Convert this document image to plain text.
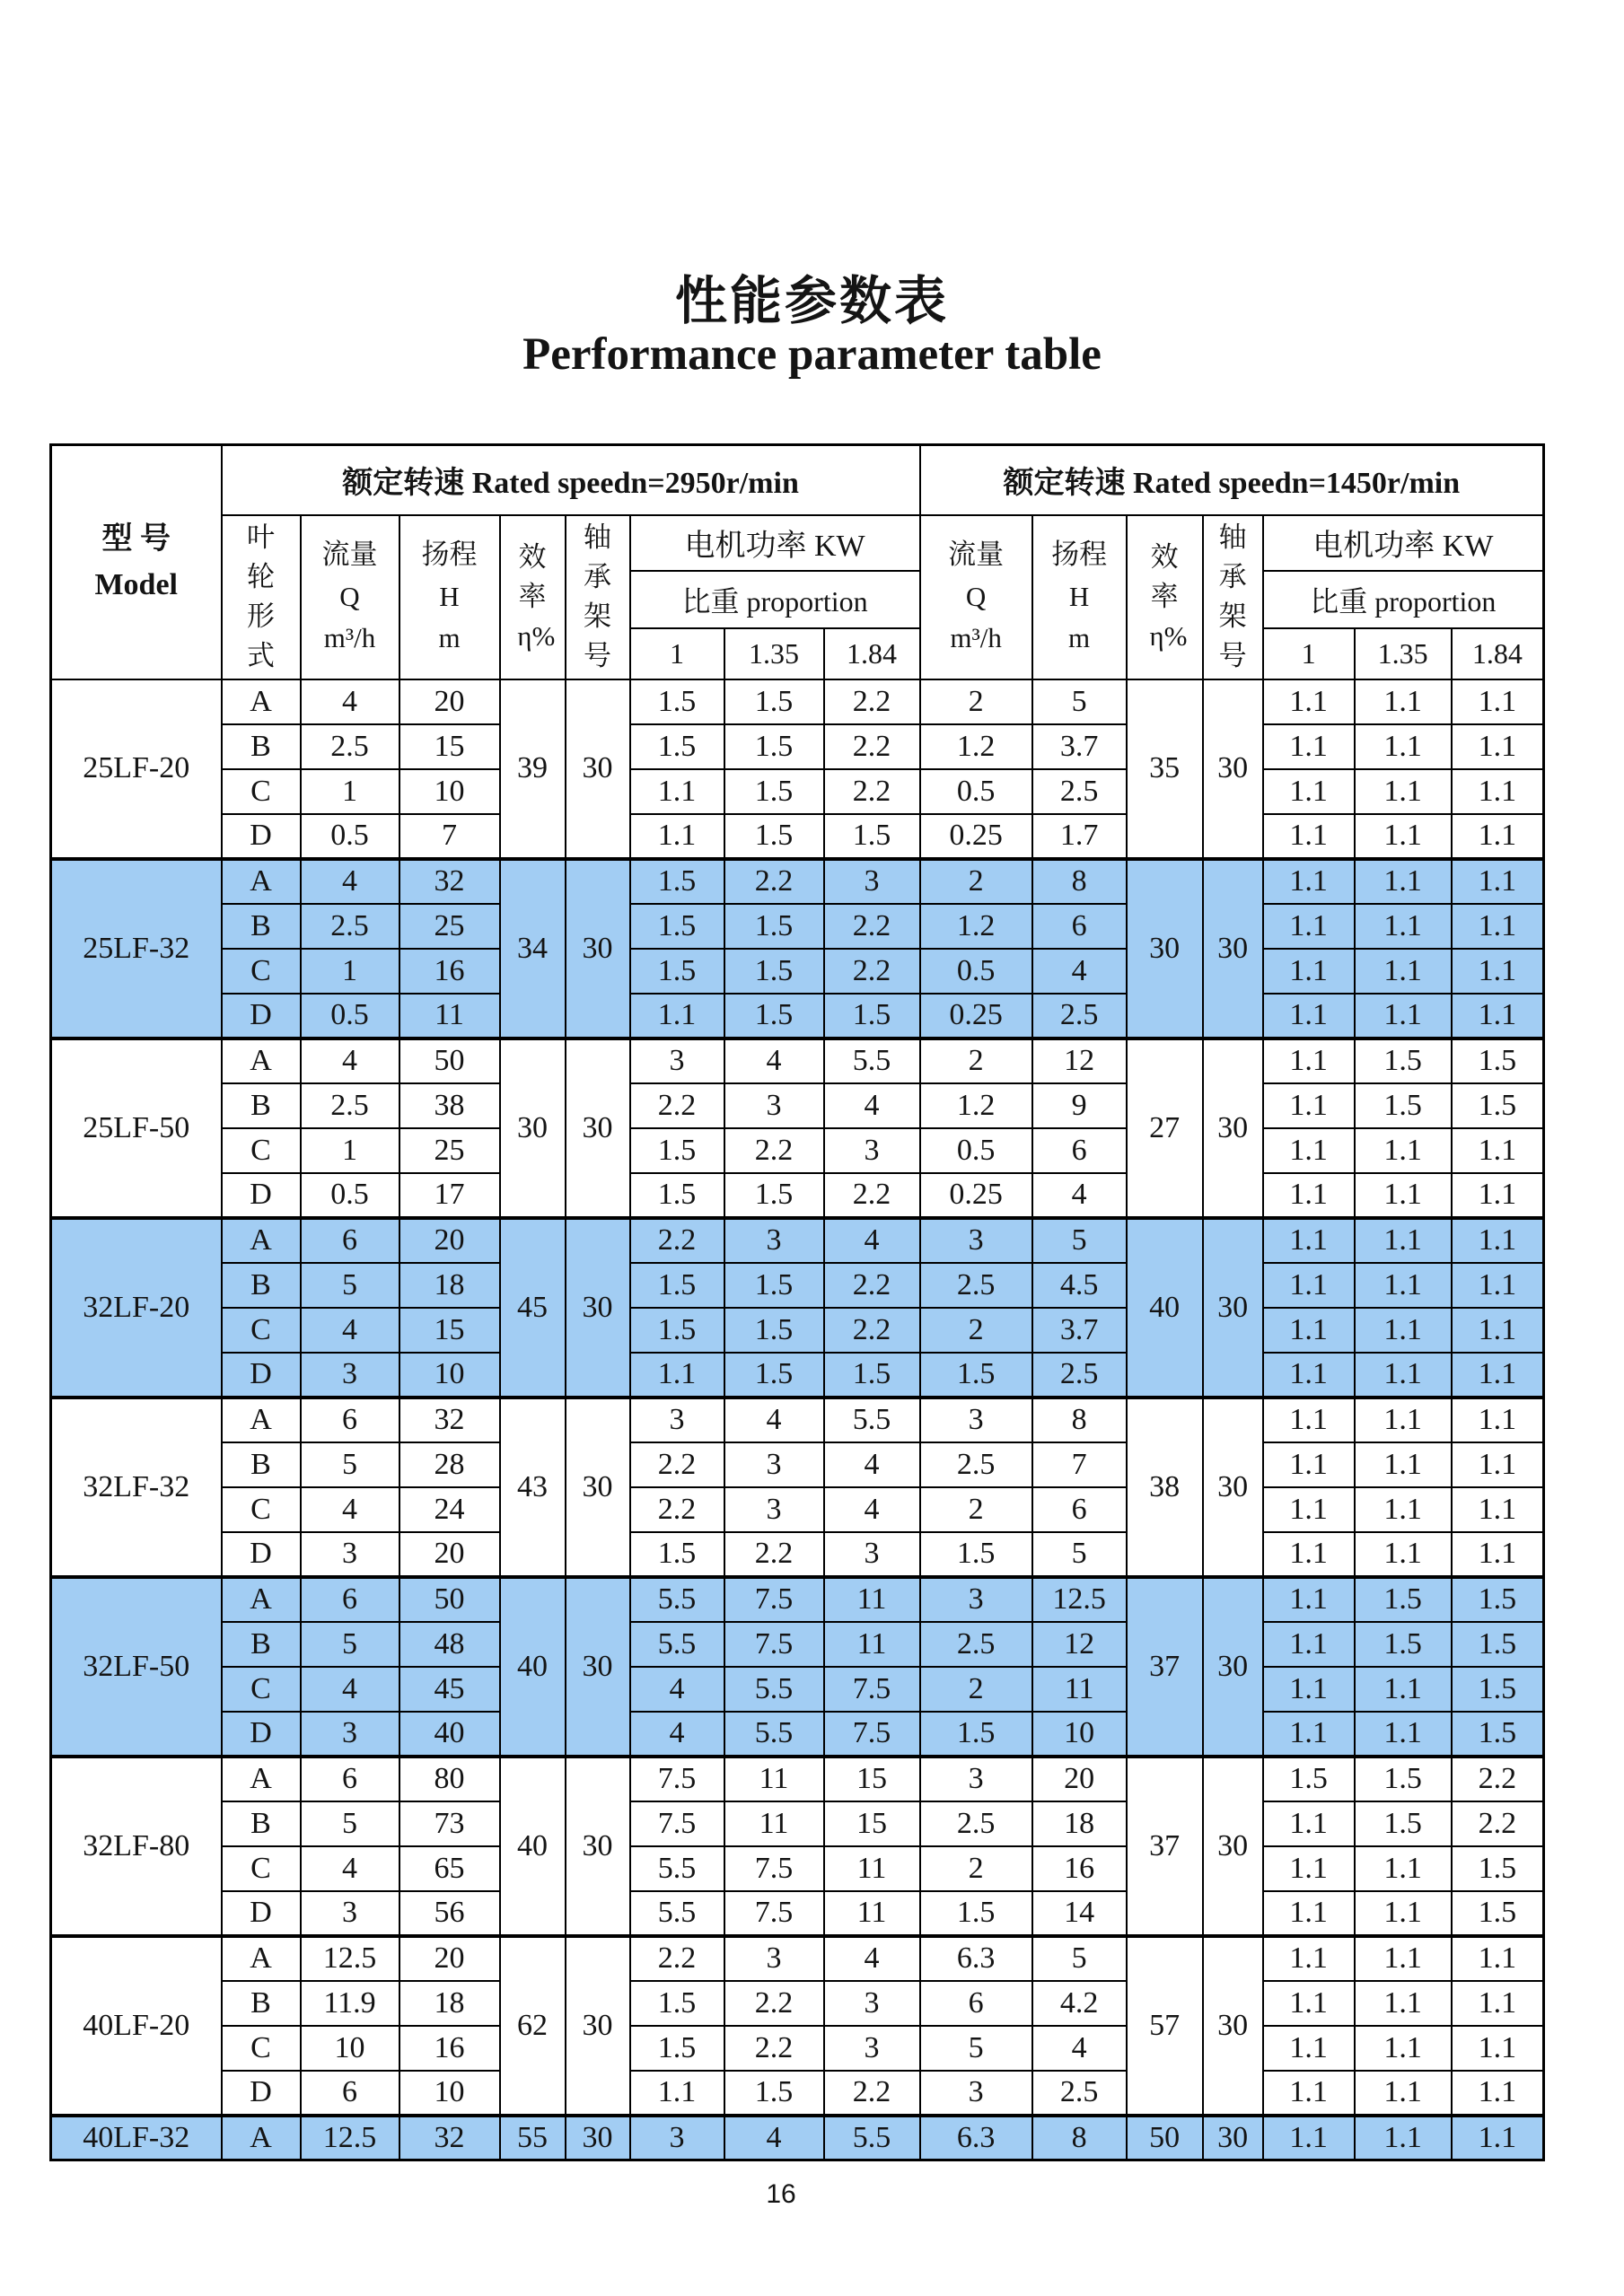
性能参数表
Performance parameter table
型 号
Model	额定转速 Rated speedn=2950r/min								额定转速 Rated speedn=1450r/min						

	叶轮形式	流量
Q
m³/h	扬程
H
m	效率η%	轴承架号	电机功率 KW			流量
Q
m³/h	扬程
H
m	效率η%	轴承架号	电机功率 KW		
						比重 proportion							比重 proportion		
						1	1.35	1.84					1	1.35	1.84
25LF-20	A	4	20	39	30	1.5	1.5	2.2	2	5	35	30	1.1	1.1	1.1
	B	2.5	15			1.5	1.5	2.2	1.2	3.7			1.1	1.1	1.1
	C	1	10			1.1	1.5	2.2	0.5	2.5			1.1	1.1	1.1
	D	0.5	7			1.1	1.5	1.5	0.25	1.7			1.1	1.1	1.1
25LF-32	A	4	32	34	30	1.5	2.2	3	2	8	30	30	1.1	1.1	1.1
	B	2.5	25			1.5	1.5	2.2	1.2	6			1.1	1.1	1.1
	C	1	16			1.5	1.5	2.2	0.5	4			1.1	1.1	1.1
	D	0.5	11			1.1	1.5	1.5	0.25	2.5			1.1	1.1	1.1
25LF-50	A	4	50	30	30	3	4	5.5	2	12	27	30	1.1	1.5	1.5
	B	2.5	38			2.2	3	4	1.2	9			1.1	1.5	1.5
	C	1	25			1.5	2.2	3	0.5	6			1.1	1.1	1.1
	D	0.5	17			1.5	1.5	2.2	0.25	4			1.1	1.1	1.1
32LF-20	A	6	20	45	30	2.2	3	4	3	5	40	30	1.1	1.1	1.1
	B	5	18			1.5	1.5	2.2	2.5	4.5			1.1	1.1	1.1
	C	4	15			1.5	1.5	2.2	2	3.7			1.1	1.1	1.1
	D	3	10			1.1	1.5	1.5	1.5	2.5			1.1	1.1	1.1
32LF-32	A	6	32	43	30	3	4	5.5	3	8	38	30	1.1	1.1	1.1
	B	5	28			2.2	3	4	2.5	7			1.1	1.1	1.1
	C	4	24			2.2	3	4	2	6			1.1	1.1	1.1
	D	3	20			1.5	2.2	3	1.5	5			1.1	1.1	1.1
32LF-50	A	6	50	40	30	5.5	7.5	11	3	12.5	37	30	1.1	1.5	1.5
	B	5	48			5.5	7.5	11	2.5	12			1.1	1.5	1.5
	C	4	45			4	5.5	7.5	2	11			1.1	1.1	1.5
	D	3	40			4	5.5	7.5	1.5	10			1.1	1.1	1.5
32LF-80	A	6	80	40	30	7.5	11	15	3	20	37	30	1.5	1.5	2.2
	B	5	73			7.5	11	15	2.5	18			1.1	1.5	2.2
	C	4	65			5.5	7.5	11	2	16			1.1	1.1	1.5
	D	3	56			5.5	7.5	11	1.5	14			1.1	1.1	1.5
40LF-20	A	12.5	20	62	30	2.2	3	4	6.3	5	57	30	1.1	1.1	1.1
	B	11.9	18			1.5	2.2	3	6	4.2			1.1	1.1	1.1
	C	10	16			1.5	2.2	3	5	4			1.1	1.1	1.1
	D	6	10			1.1	1.5	2.2	3	2.5			1.1	1.1	1.1
40LF-32	A	12.5	32	55	30	3	4	5.5	6.3	8	50	30	1.1	1.1	1.1
16
